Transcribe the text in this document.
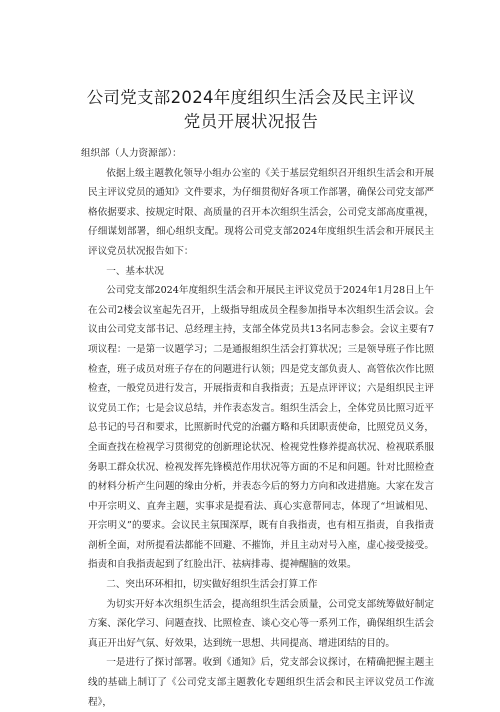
公司党支部2024年度组织生活会及民主评议
党员开展状况报告

组织部（人力资源部）：

依据上级主题教化领导小组办公室的《关于基层党组织召开组织生活会和开展民主评议党员的通知》文件要求，为仔细贯彻好各项工作部署，确保公司党支部严格依据要求、按规定时限、高质量的召开本次组织生活会，公司党支部高度重视，仔细谋划部署，细心组织支配。现将公司党支部2024年度组织生活会和开展民主评议党员状况报告如下：

一、基本状况

公司党支部2024年度组织生活会和开展民主评议党员于2024年1月28日上午在公司2楼会议室起先召开，上级指导组成员全程参加指导本次组织生活会议。会议由公司党支部书记、总经理主持，支部全体党员共13名同志参会。会议主要有7项议程：一是第一议题学习；二是通报组织生活会打算状况；三是领导班子作比照检查，班子成员对班子存在的问题进行认领；四是党支部负责人、高管依次作比照检查，一般党员进行发言，开展指责和自我指责；五是点评评议；六是组织民主评议党员工作；七是会议总结，并作表态发言。组织生活会上，全体党员比照习近平总书记的号召和要求，比照新时代党的治疆方略和兵团职责使命，比照党员义务，全面查找在检视学习贯彻党的创新理论状况、检视党性修养提高状况、检视联系服务职工群众状况、检视发挥先锋模范作用状况等方面的不足和问题。针对比照检查的材料分析产生问题的缘由分析，并表态今后的努力方向和改进措施。大家在发言中开宗明义、直奔主题，实事求是提看法、真心实意帮同志，体现了“坦诚相见、开宗明义”的要求。会议民主氛围深厚，既有自我指责，也有相互指责，自我指责剖析全面，对所提看法都能不回避、不摧饰，并且主动对号入座，虚心接受接受。指责和自我指责起到了红脸出汗、祛病排毒、提神醒脑的效果。

二、突出环环相扣，切实做好组织生活会打算工作

为切实开好本次组织生活会，提高组织生活会质量，公司党支部统筹做好制定方案、深化学习、问题查找、比照检查、谈心交心等一系列工作，确保组织生活会真正开出好气氛、好效果，达到统一思想、共同提高、增进团结的目的。

一是进行了探讨部署。收到《通知》后，党支部会议探讨，在精确把握主题主线的基础上制订了《公司党支部主题教化专题组织生活会和民主评议党员工作流程》，
